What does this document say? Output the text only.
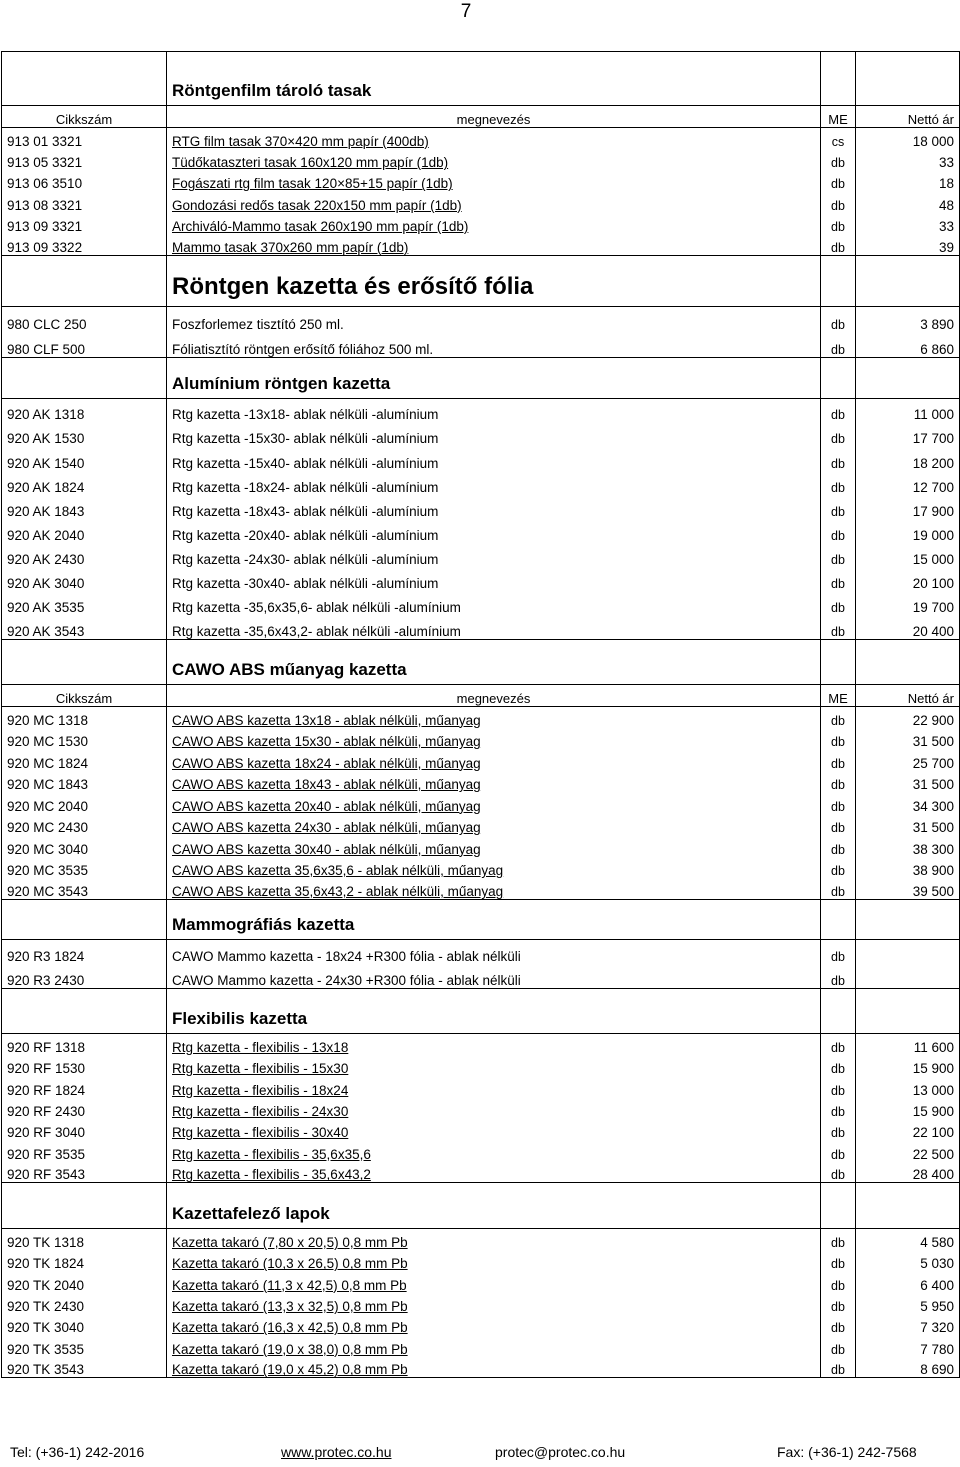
7
	Röntgenfilm tároló tasak		
Cikkszám	megnevezés	ME	Nettó ár
913 01 3321	RTG film tasak 370×420 mm papír (400db)	cs	18 000
913 05 3321	Tüdőkataszteri tasak 160x120 mm papír (1db)	db	33
913 06 3510	Fogászati rtg film tasak 120×85+15 papír (1db)	db	18
913 08 3321	Gondozási redős tasak 220x150 mm papír (1db)	db	48
913 09 3321	Archiváló-Mammo tasak 260x190 mm papír (1db)	db	33
913 09 3322	Mammo tasak 370x260 mm papír (1db)	db	39
	Röntgen kazetta és erősítő fólia		
980 CLC 250	Foszforlemez tisztító 250 ml.	db	3 890
980 CLF 500	Fóliatisztító röntgen erősítő fóliához 500 ml.	db	6 860
	Alumínium röntgen kazetta		
920 AK 1318	Rtg kazetta -13x18- ablak nélküli -alumínium	db	11 000
920 AK 1530	Rtg kazetta -15x30- ablak nélküli -alumínium	db	17 700
920 AK 1540	Rtg kazetta -15x40- ablak nélküli -alumínium	db	18 200
920 AK 1824	Rtg kazetta -18x24- ablak nélküli -alumínium	db	12 700
920 AK 1843	Rtg kazetta -18x43- ablak nélküli -alumínium	db	17 900
920 AK 2040	Rtg kazetta -20x40- ablak nélküli -alumínium	db	19 000
920 AK 2430	Rtg kazetta -24x30- ablak nélküli -alumínium	db	15 000
920 AK 3040	Rtg kazetta -30x40- ablak nélküli -alumínium	db	20 100
920 AK 3535	Rtg kazetta -35,6x35,6- ablak nélküli -alumínium	db	19 700
920 AK 3543	Rtg kazetta -35,6x43,2- ablak nélküli -alumínium	db	20 400
	CAWO ABS műanyag kazetta		
Cikkszám	megnevezés	ME	Nettó ár
920 MC 1318	CAWO ABS kazetta 13x18 - ablak nélküli, műanyag	db	22 900
920 MC 1530	CAWO ABS kazetta 15x30 - ablak nélküli, műanyag	db	31 500
920 MC 1824	CAWO ABS kazetta 18x24 - ablak nélküli, műanyag	db	25 700
920 MC 1843	CAWO ABS kazetta 18x43 - ablak nélküli, műanyag	db	31 500
920 MC 2040	CAWO ABS kazetta 20x40 - ablak nélküli, műanyag	db	34 300
920 MC 2430	CAWO ABS kazetta 24x30 - ablak nélküli, műanyag	db	31 500
920 MC 3040	CAWO ABS kazetta 30x40 - ablak nélküli, műanyag	db	38 300
920 MC 3535	CAWO ABS kazetta 35,6x35,6 - ablak nélküli, műanyag	db	38 900
920 MC 3543	CAWO ABS kazetta 35,6x43,2 - ablak nélküli, műanyag	db	39 500
	Mammográfiás kazetta		
920 R3 1824	CAWO Mammo kazetta - 18x24 +R300 fólia - ablak nélküli	db	
920 R3 2430	CAWO Mammo kazetta - 24x30 +R300 fólia - ablak nélküli	db	
	Flexibilis kazetta		
920 RF 1318	Rtg kazetta - flexibilis - 13x18	db	11 600
920 RF 1530	Rtg kazetta - flexibilis - 15x30	db	15 900
920 RF 1824	Rtg kazetta - flexibilis - 18x24	db	13 000
920 RF 2430	Rtg kazetta - flexibilis - 24x30	db	15 900
920 RF 3040	Rtg kazetta - flexibilis - 30x40	db	22 100
920 RF 3535	Rtg kazetta - flexibilis - 35,6x35,6	db	22 500
920 RF 3543	Rtg kazetta - flexibilis - 35,6x43,2	db	28 400
	Kazettafelező lapok		
920 TK 1318	Kazetta takaró (7,80 x 20,5) 0,8 mm Pb	db	4 580
920 TK 1824	Kazetta takaró (10,3 x 26,5) 0,8 mm Pb	db	5 030
920 TK 2040	Kazetta takaró (11,3 x 42,5) 0,8 mm Pb	db	6 400
920 TK 2430	Kazetta takaró (13,3 x 32,5) 0,8 mm Pb	db	5 950
920 TK 3040	Kazetta takaró (16,3 x 42,5) 0,8 mm Pb	db	7 320
920 TK 3535	Kazetta takaró (19,0 x 38,0) 0,8 mm Pb	db	7 780
920 TK 3543	Kazetta takaró (19,0 x 45,2) 0,8 mm Pb	db	8 690
Tel: (+36-1) 242-2016	www.protec.co.hu	protec@protec.co.hu	Fax: (+36-1) 242-7568
